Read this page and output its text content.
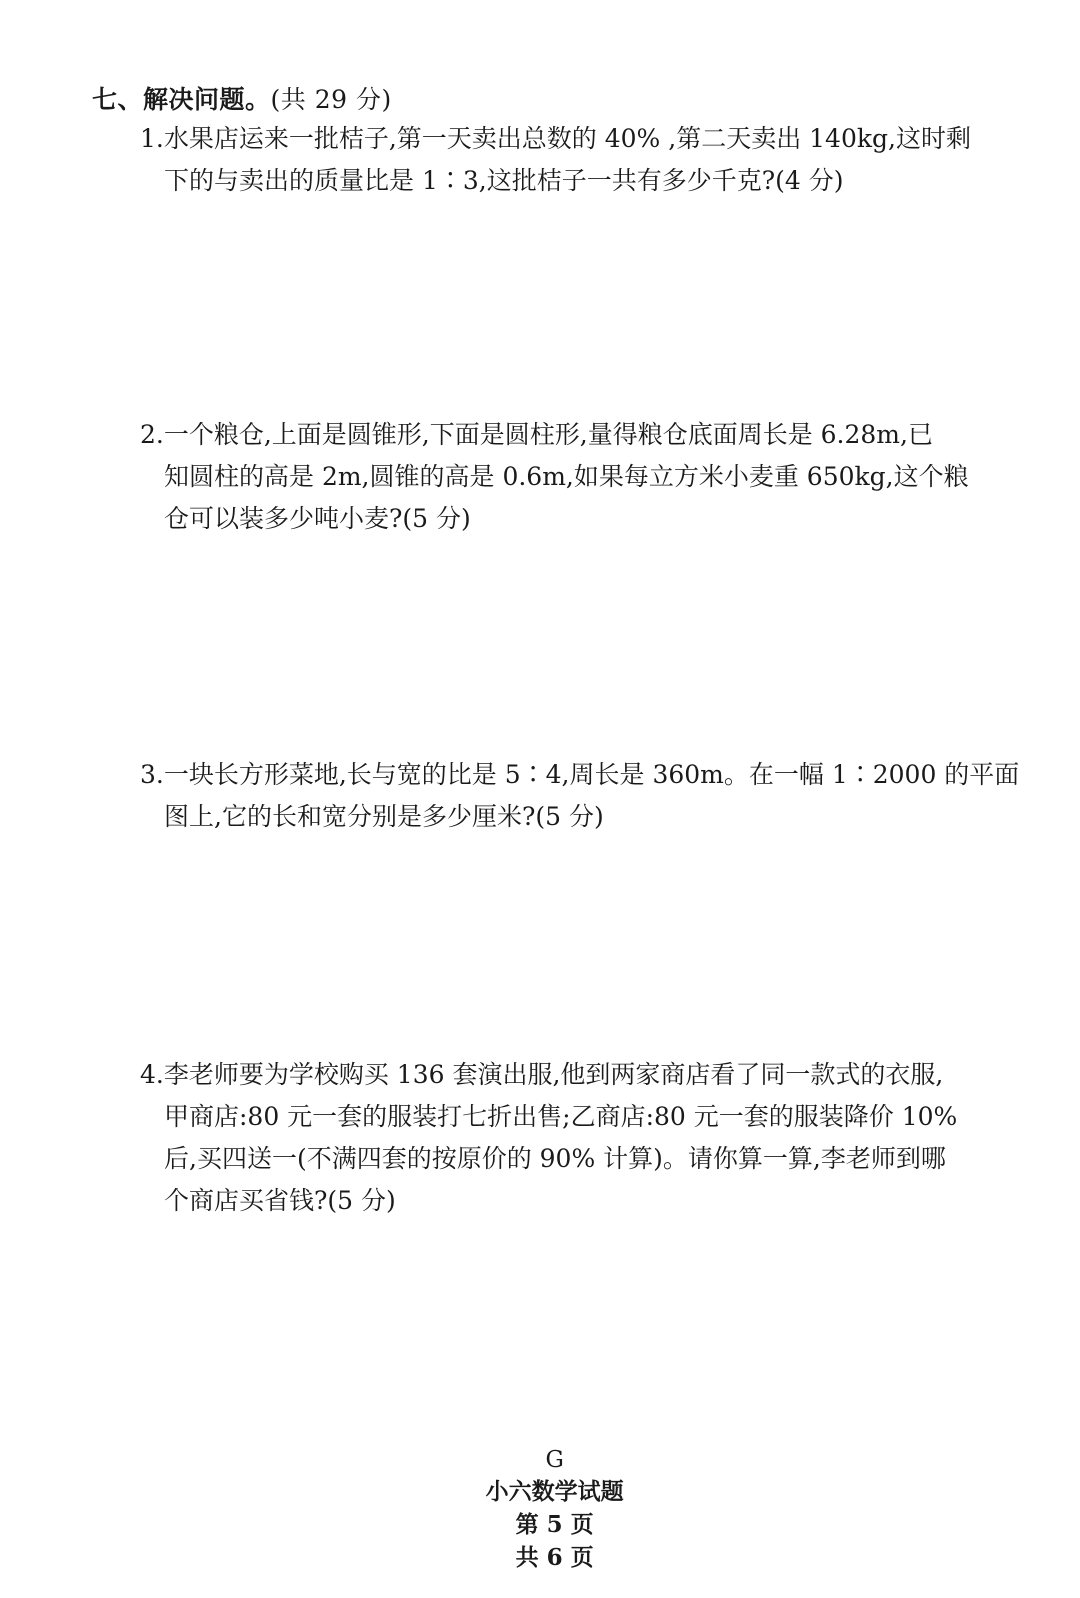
七、解决问题。(共 29 分)
1.水果店运来一批桔子,第一天卖出总数的 40% ,第二天卖出 140kg,这时剩
下的与卖出的质量比是 1∶3,这批桔子一共有多少千克?(4 分)
2.一个粮仓,上面是圆锥形,下面是圆柱形,量得粮仓底面周长是 6.28m,已
知圆柱的高是 2m,圆锥的高是 0.6m,如果每立方米小麦重 650kg,这个粮
仓可以装多少吨小麦?(5 分)
3.一块长方形菜地,长与宽的比是 5∶4,周长是 360m。在一幅 1∶2000 的平面
图上,它的长和宽分别是多少厘米?(5 分)
4.李老师要为学校购买 136 套演出服,他到两家商店看了同一款式的衣服,
甲商店:80 元一套的服装打七折出售;乙商店:80 元一套的服装降价 10%
后,买四送一(不满四套的按原价的 90% 计算)。请你算一算,李老师到哪
个商店买省钱?(5 分)

G
小六数学试题
第 5 页
共 6 页
